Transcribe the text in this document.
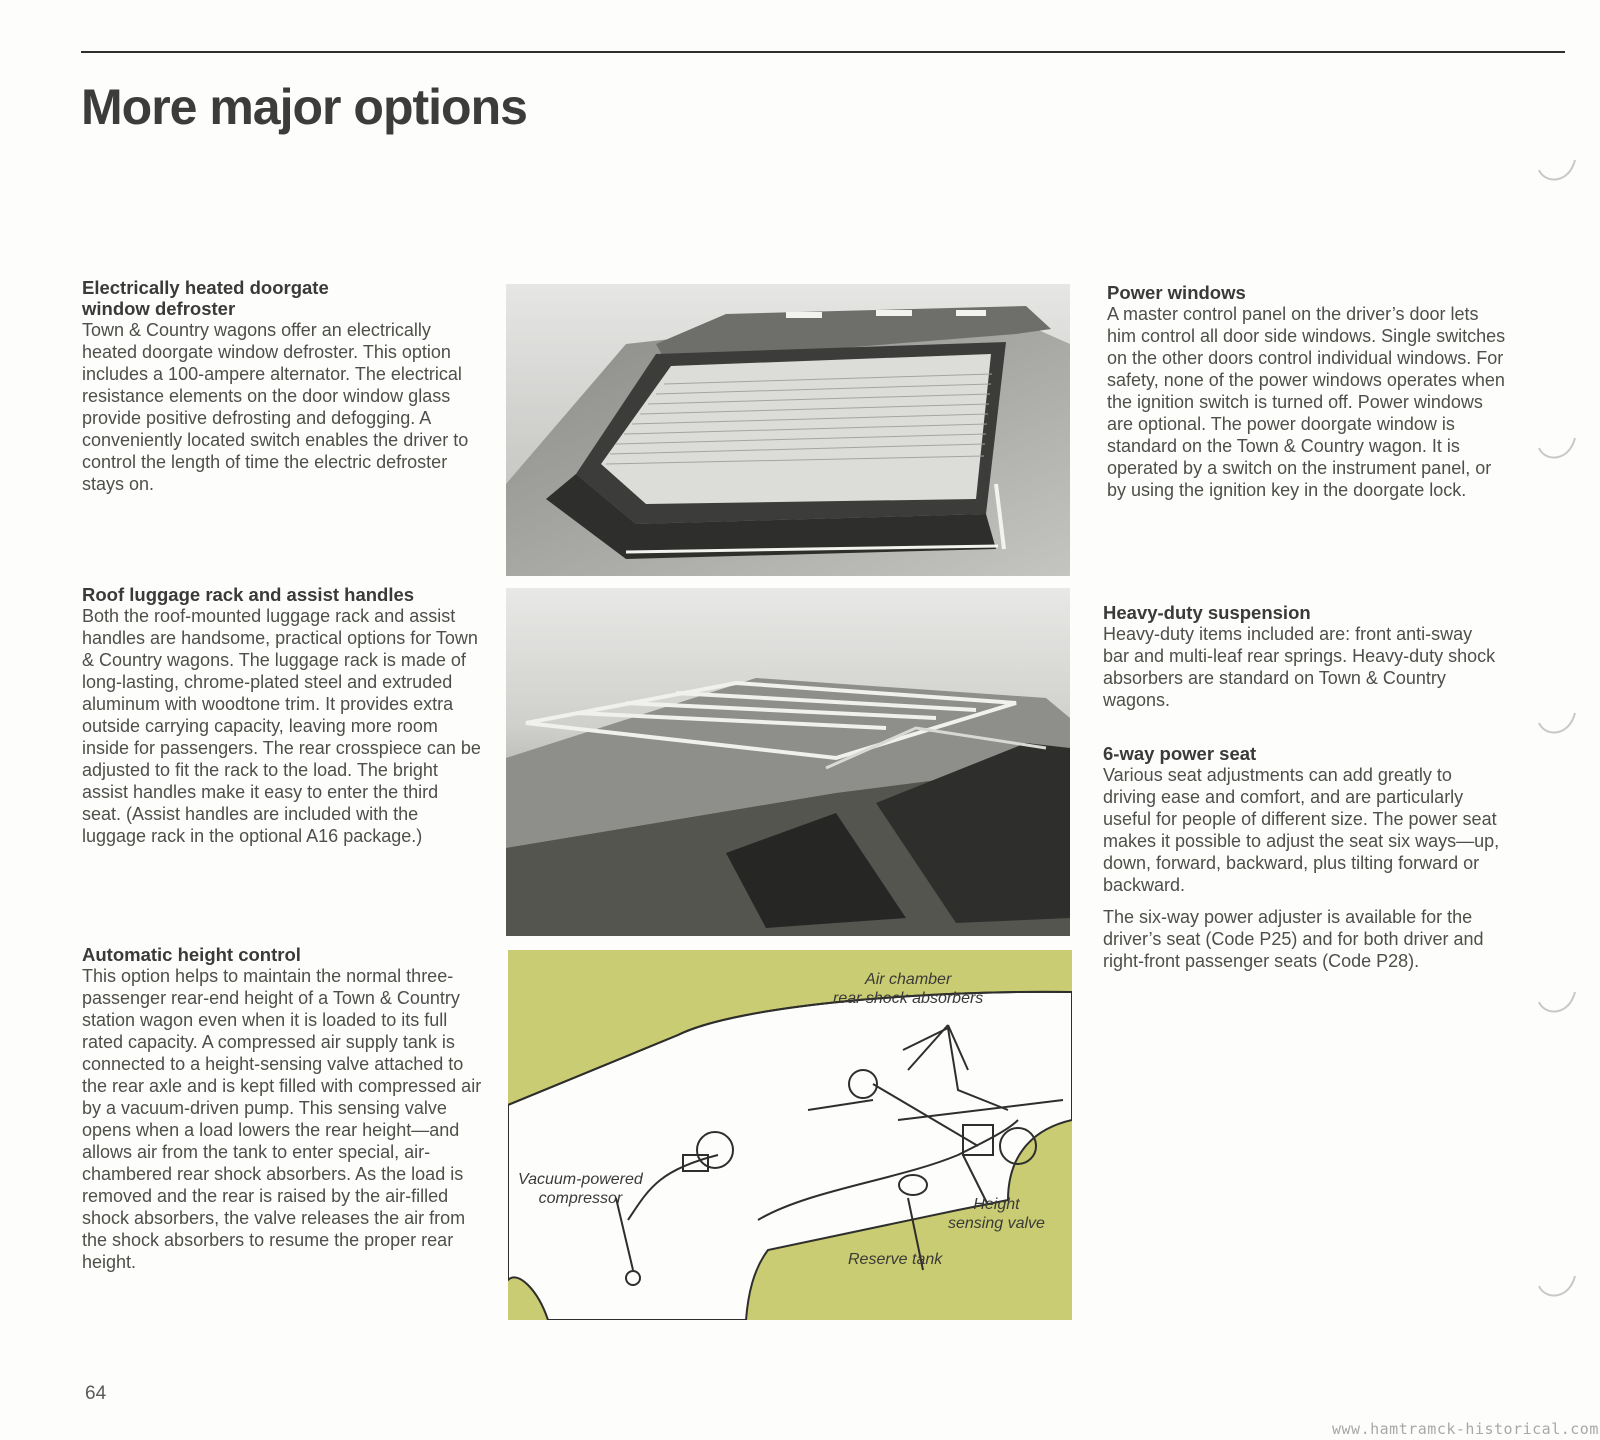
More major options
Electrically heated doorgate
window defroster

Town & Country wagons offer an electrically heated doorgate window defroster. This option includes a 100-ampere alternator. The electrical resistance elements on the door window glass provide positive defrosting and defogging. A conveniently located switch enables the driver to control the length of time the electric defroster stays on.

Roof luggage rack and assist handles

Both the roof-mounted luggage rack and assist handles are handsome, practical options for Town & Country wagons. The luggage rack is made of long-lasting, chrome-plated steel and extruded aluminum with woodtone trim. It provides extra outside carrying capacity, leaving more room inside for passengers. The rear crosspiece can be adjusted to fit the rack to the load. The bright assist handles make it easy to enter the third seat. (Assist handles are included with the luggage rack in the optional A16 package.)

Automatic height control

This option helps to maintain the normal three-passenger rear-end height of a Town & Country station wagon even when it is loaded to its full rated capacity. A compressed air supply tank is connected to a height-sensing valve attached to the rear axle and is kept filled with compressed air by a vacuum-driven pump. This sensing valve opens when a load lowers the rear height—and allows air from the tank to enter special, air-chambered rear shock absorbers. As the load is removed and the rear is raised by the air-filled shock absorbers, the valve releases the air from the shock absorbers to resume the proper rear height.

Air chamber
rear shock absorbers
Vacuum-powered
compressor	Height
sensing valve
Reserve tank
Power windows

A master control panel on the driver’s door lets him control all door side windows. Single switches on the other doors control individual windows. For safety, none of the power windows operates when the ignition switch is turned off. Power windows are optional. The power doorgate window is standard on the Town & Country wagon. It is operated by a switch on the instrument panel, or by using the ignition key in the doorgate lock.

Heavy-duty suspension

Heavy-duty items included are: front anti-sway bar and multi-leaf rear springs. Heavy-duty shock absorbers are standard on Town & Country wagons.

6-way power seat

Various seat adjustments can add greatly to driving ease and comfort, and are particularly useful for people of different size. The power seat makes it possible to adjust the seat six ways—up, down, forward, backward, plus tilting forward or backward.

The six-way power adjuster is available for the driver’s seat (Code P25) and for both driver and right-front passenger seats (Code P28).

64
www.hamtramck-historical.com
